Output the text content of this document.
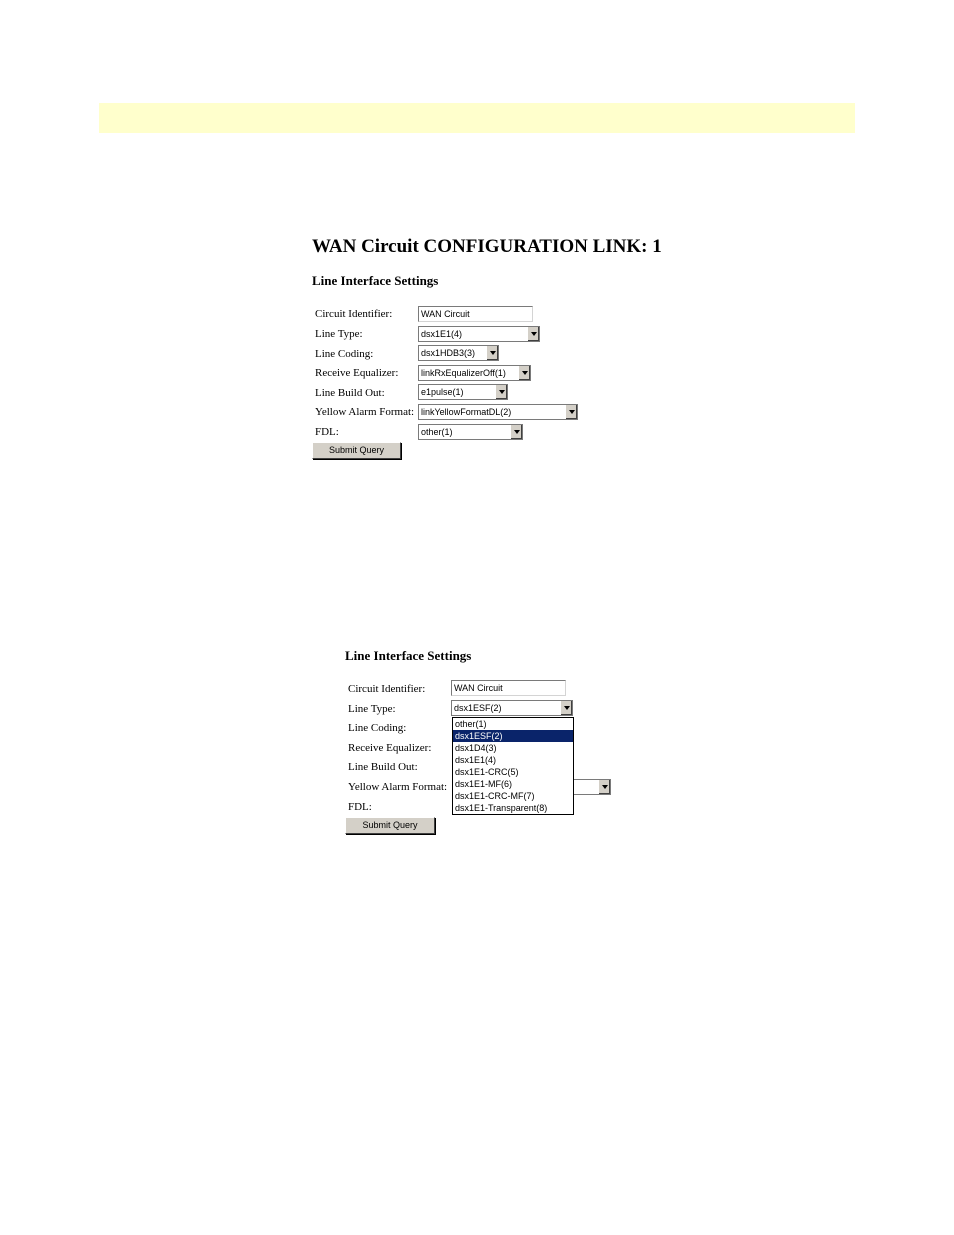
WAN Circuit CONFIGURATION LINK: 1
Line Interface Settings
Circuit Identifier:	WAN Circuit
Line Type:	dsx1E1(4)
Line Coding:	dsx1HDB3(3)
Receive Equalizer:	linkRxEqualizerOff(1)
Line Build Out:	e1pulse(1)
Yellow Alarm Format: linkYellowFormatDL(2)
FDL:	other(1)
Submit Query
Line Interface Settings
Circuit Identifier:	WAN Circuit
Line Type:	dsx1ESF(2)
Line Coding:
Receive Equalizer:
Line Build Out:
Yellow Alarm Format:
FDL:
Submit Query
other(1)
dsx1ESF(2)
dsx1D4(3)
dsx1E1(4)
dsx1E1-CRC(5)
dsx1E1-MF(6)
dsx1E1-CRC-MF(7)
dsx1E1-Transparent(8)
